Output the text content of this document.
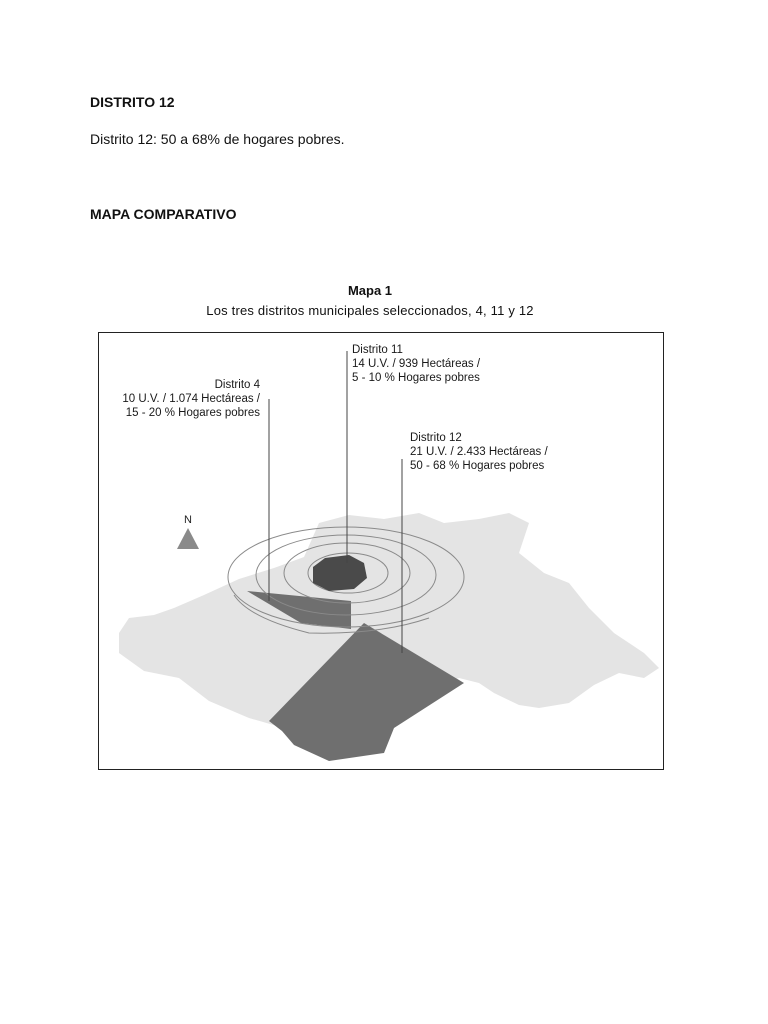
DISTRITO 12

Distrito 12: 50 a 68% de hogares pobres.

MAPA COMPARATIVO
Mapa 1
Los tres distritos municipales seleccionados, 4, 11 y 12
N
Distrito 4
10 U.V. / 1.074 Hectáreas /
15 - 20 % Hogares pobres
Distrito 11
14 U.V. / 939 Hectáreas /
5 - 10 % Hogares pobres
Distrito 12
21 U.V. / 2.433 Hectáreas /
50 - 68 % Hogares pobres
